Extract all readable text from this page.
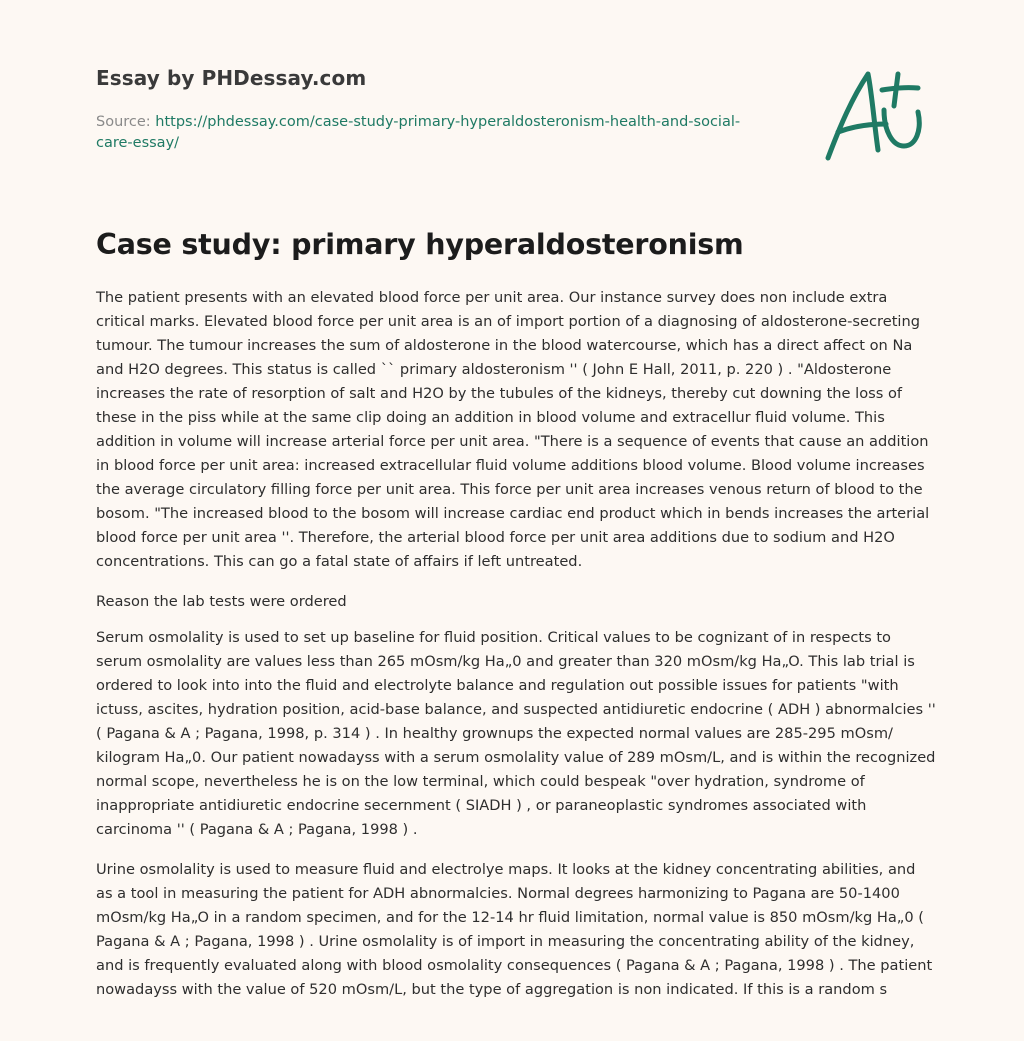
Essay by PHDessay.com
Source: https://phdessay.com/case-study-primary-hyperaldosteronism-health-and-social-care-essay/
Case study: primary hyperaldosteronism

The patient presents with an elevated blood force per unit area. Our instance survey does non include extra critical marks. Elevated blood force per unit area is an of import portion of a diagnosing of aldosterone-secreting tumour. The tumour increases the sum of aldosterone in the blood watercourse, which has a direct affect on Na and H2O degrees. This status is called `` primary aldosteronism '' ( John E Hall, 2011, p. 220 ) . "Aldosterone increases the rate of resorption of salt and H2O by the tubules of the kidneys, thereby cut downing the loss of these in the piss while at the same clip doing an addition in blood volume and extracellur fluid volume. This addition in volume will increase arterial force per unit area. "There is a sequence of events that cause an addition in blood force per unit area: increased extracellular fluid volume additions blood volume. Blood volume increases the average circulatory filling force per unit area. This force per unit area increases venous return of blood to the bosom. "The increased blood to the bosom will increase cardiac end product which in bends increases the arterial blood force per unit area ''. Therefore, the arterial blood force per unit area additions due to sodium and H2O concentrations. This can go a fatal state of affairs if left untreated.

Reason the lab tests were ordered

Serum osmolality is used to set up baseline for fluid position. Critical values to be cognizant of in respects to serum osmolality are values less than 265 mOsm/kg Ha„0 and greater than 320 mOsm/kg Ha„O. This lab trial is ordered to look into into the fluid and electrolyte balance and regulation out possible issues for patients "with ictuss, ascites, hydration position, acid-base balance, and suspected antidiuretic endocrine ( ADH ) abnormalcies '' ( Pagana & A ; Pagana, 1998, p. 314 ) . In healthy grownups the expected normal values are 285-295 mOsm/ kilogram Ha„0. Our patient nowadayss with a serum osmolality value of 289 mOsm/L, and is within the recognized normal scope, nevertheless he is on the low terminal, which could bespeak "over hydration, syndrome of inappropriate antidiuretic endocrine secernment ( SIADH ) , or paraneoplastic syndromes associated with carcinoma '' ( Pagana & A ; Pagana, 1998 ) .

Urine osmolality is used to measure fluid and electrolye maps. It looks at the kidney concentrating abilities, and as a tool in measuring the patient for ADH abnormalcies. Normal degrees harmonizing to Pagana are 50-1400 mOsm/kg Ha„O in a random specimen, and for the 12-14 hr fluid limitation, normal value is 850 mOsm/kg Ha„0 ( Pagana & A ; Pagana, 1998 ) . Urine osmolality is of import in measuring the concentrating ability of the kidney, and is frequently evaluated along with blood osmolality consequences ( Pagana & A ; Pagana, 1998 ) . The patient nowadayss with the value of 520 mOsm/L, but the type of aggregation is non indicated. If this is a random s
